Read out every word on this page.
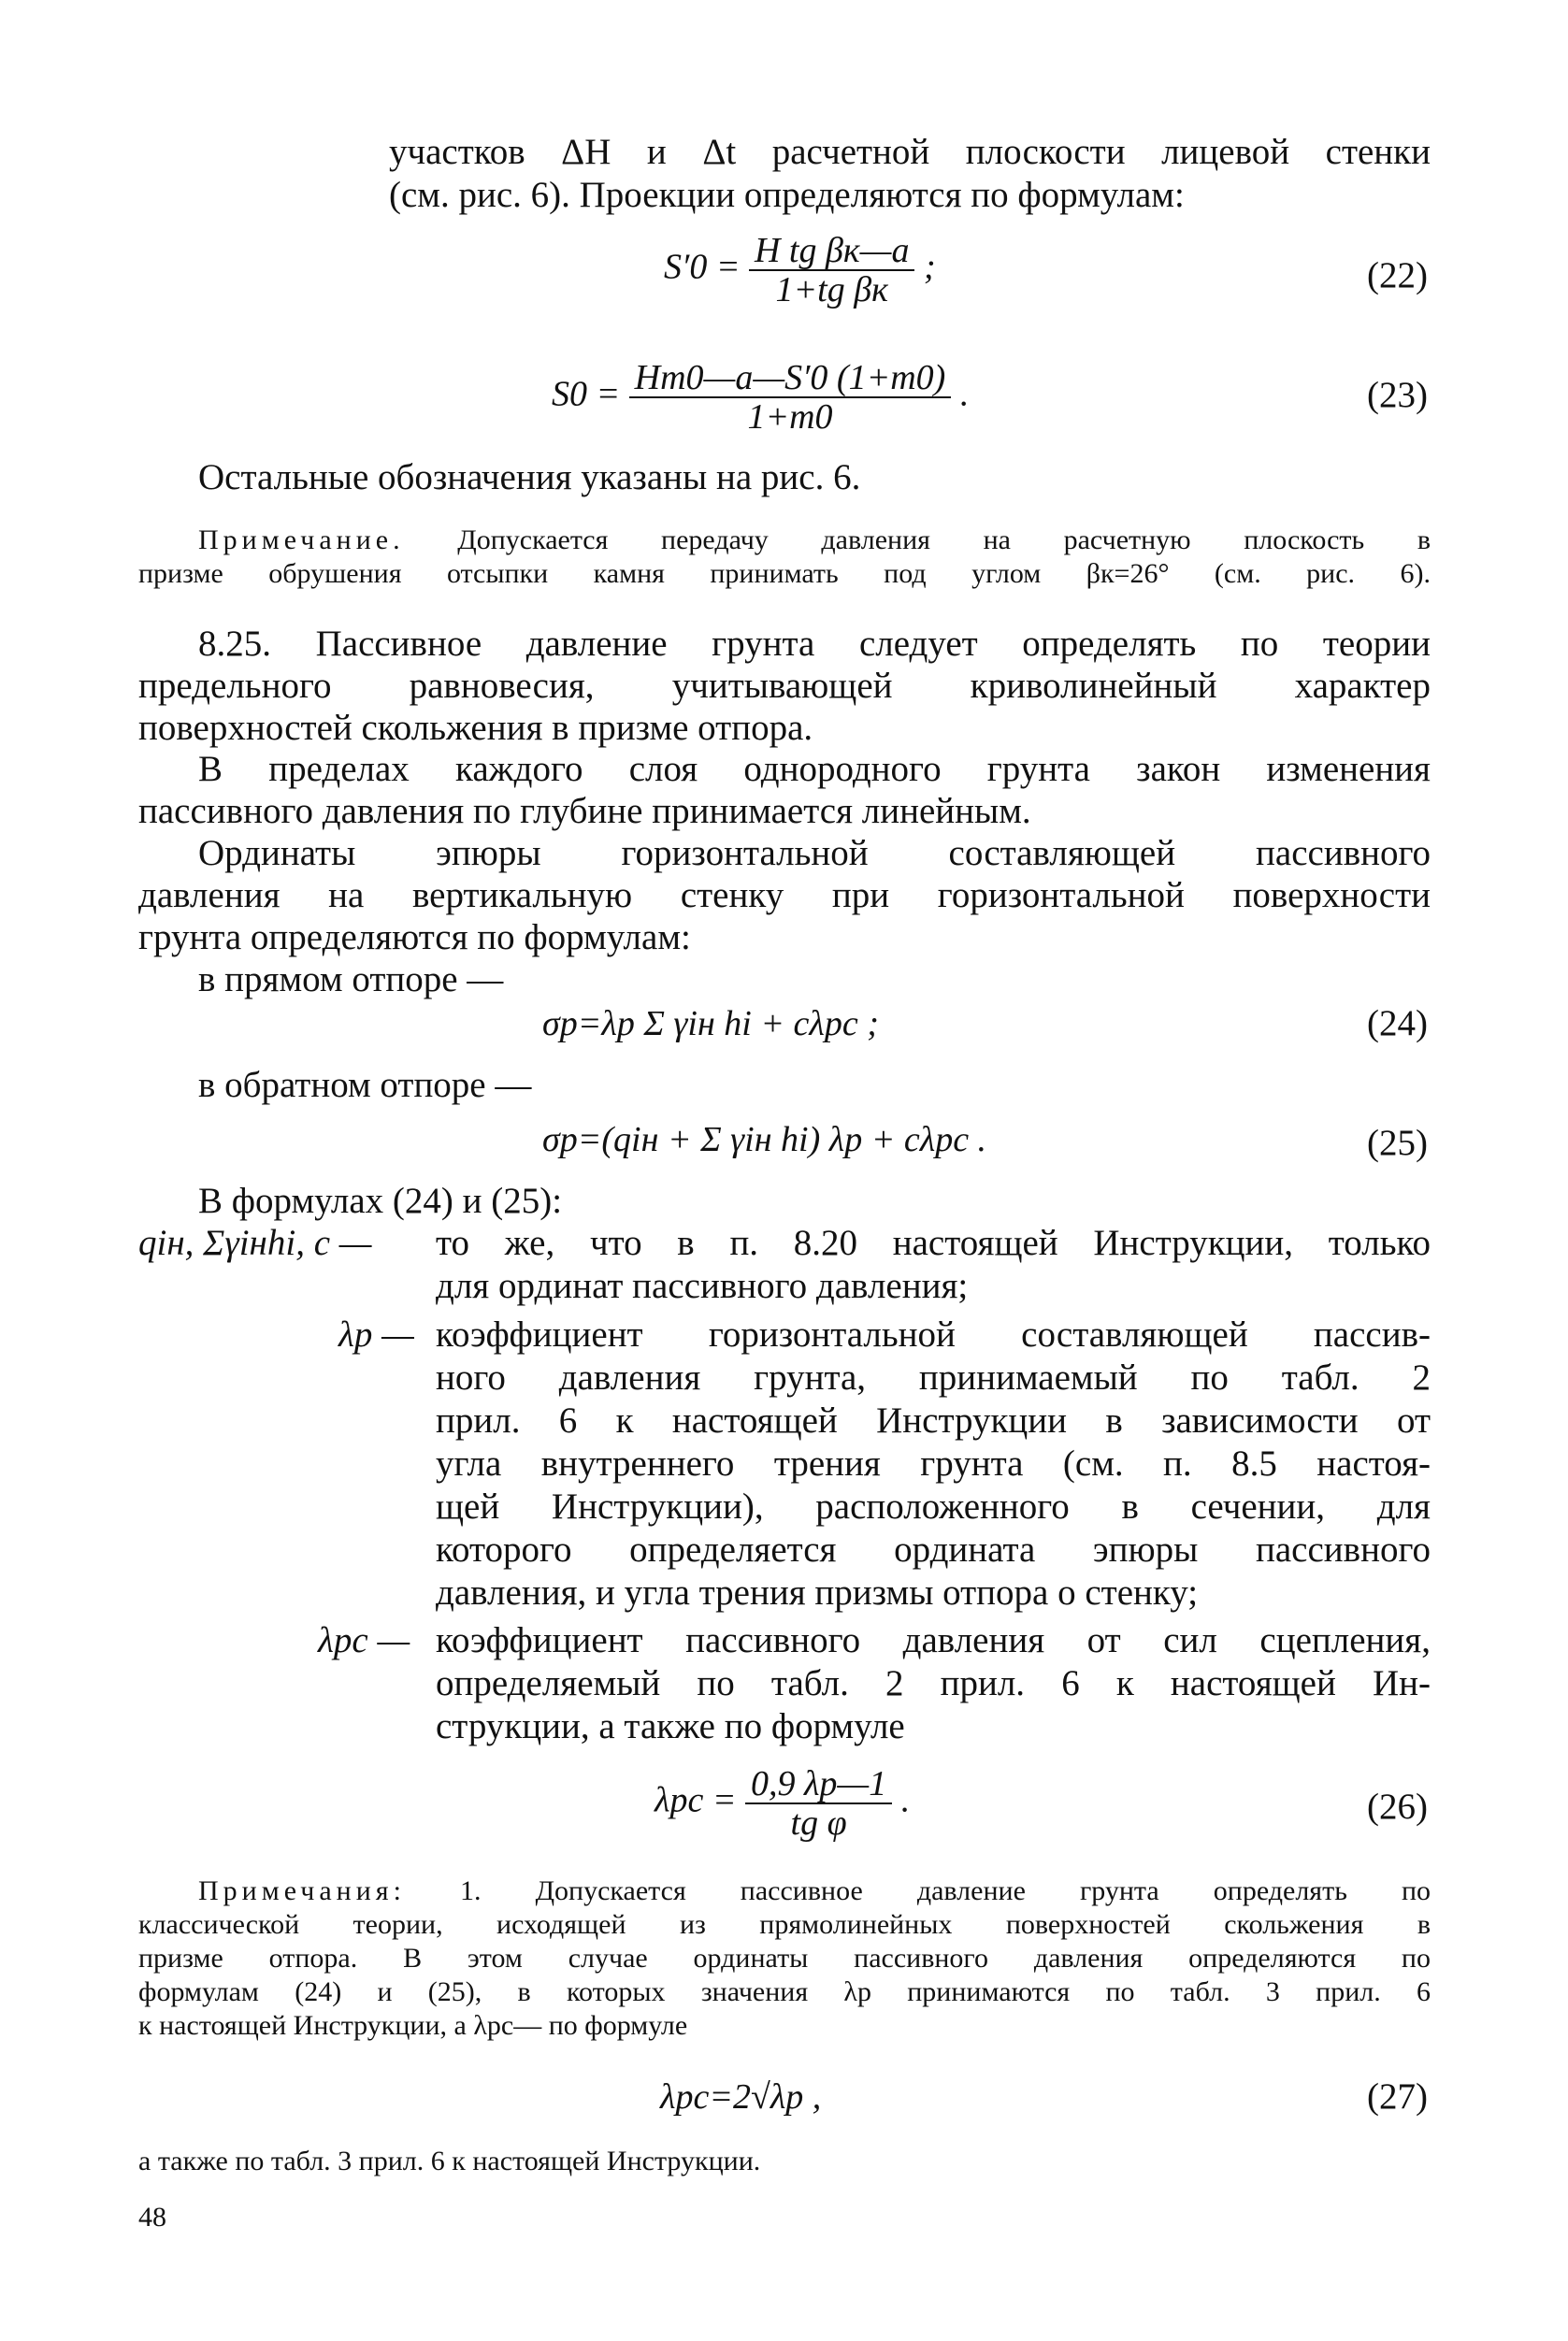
участков ΔH и Δt расчетной плоскости лицевой стенки
(см. рис. 6). Проекции определяются по формулам:
$S'0 = \frac{\text{H tg βк—a}}{\text{1+tg βк}}$ ;	(22)
$S0 = \frac{Hm0—a—S'0 (1+m0)}{1+m0}$ .	(23)
Остальные обозначения указаны на рис. 6.
Примечание. Допускается передачу давления на расчетную плоскость в
призме обрушения отсыпки камня принимать под углом βк=26° (см. рис. 6).
8.25. Пассивное давление грунта следует определять по теории
предельного равновесия, учитывающей криволинейный характер
поверхностей скольжения в призме отпора.
В пределах каждого слоя однородного грунта закон изменения
пассивного давления по глубине принимается линейным.
Ординаты эпюры горизонтальной составляющей пассивного
давления на вертикальную стенку при горизонтальной поверхности
грунта определяются по формулам:
в прямом отпоре —
σp=λp Σ γiн hi + cλpc ;	(24)
в обратном отпоре —
σp=(qiн + Σ γiн hi) λp + cλpc .	(25)
В формулах (24) и (25):
qiн, Σγiнhi, c — то же, что в п. 8.20 настоящей Инструкции, только
для ординат пассивного давления;
λp — коэффициент горизонтальной составляющей пассив-
ного давления грунта, принимаемый по табл. 2
прил. 6 к настоящей Инструкции в зависимости от
угла внутреннего трения грунта (см. п. 8.5 настоя-
щей Инструкции), расположенного в сечении, для
которого определяется ордината эпюры пассивного
давления, и угла трения призмы отпора о стенку;
λpc — коэффициент пассивного давления от сил сцепления,
определяемый по табл. 2 прил. 6 к настоящей Ин-
струкции, а также по формуле
$\lambda pc = \frac{0,9 \lambda p—1}{\text{tg φ}}$ .	(26)
Примечания: 1. Допускается пассивное давление грунта определять по
классической теории, исходящей из прямолинейных поверхностей скольжения в
призме отпора. В этом случае ординаты пассивного давления определяются по
формулам (24) и (25), в которых значения λp принимаются по табл. 3 прил. 6
к настоящей Инструкции, а λpc— по формуле
λpc=2√λp ,	(27)
а также по табл. 3 прил. 6 к настоящей Инструкции.
48
